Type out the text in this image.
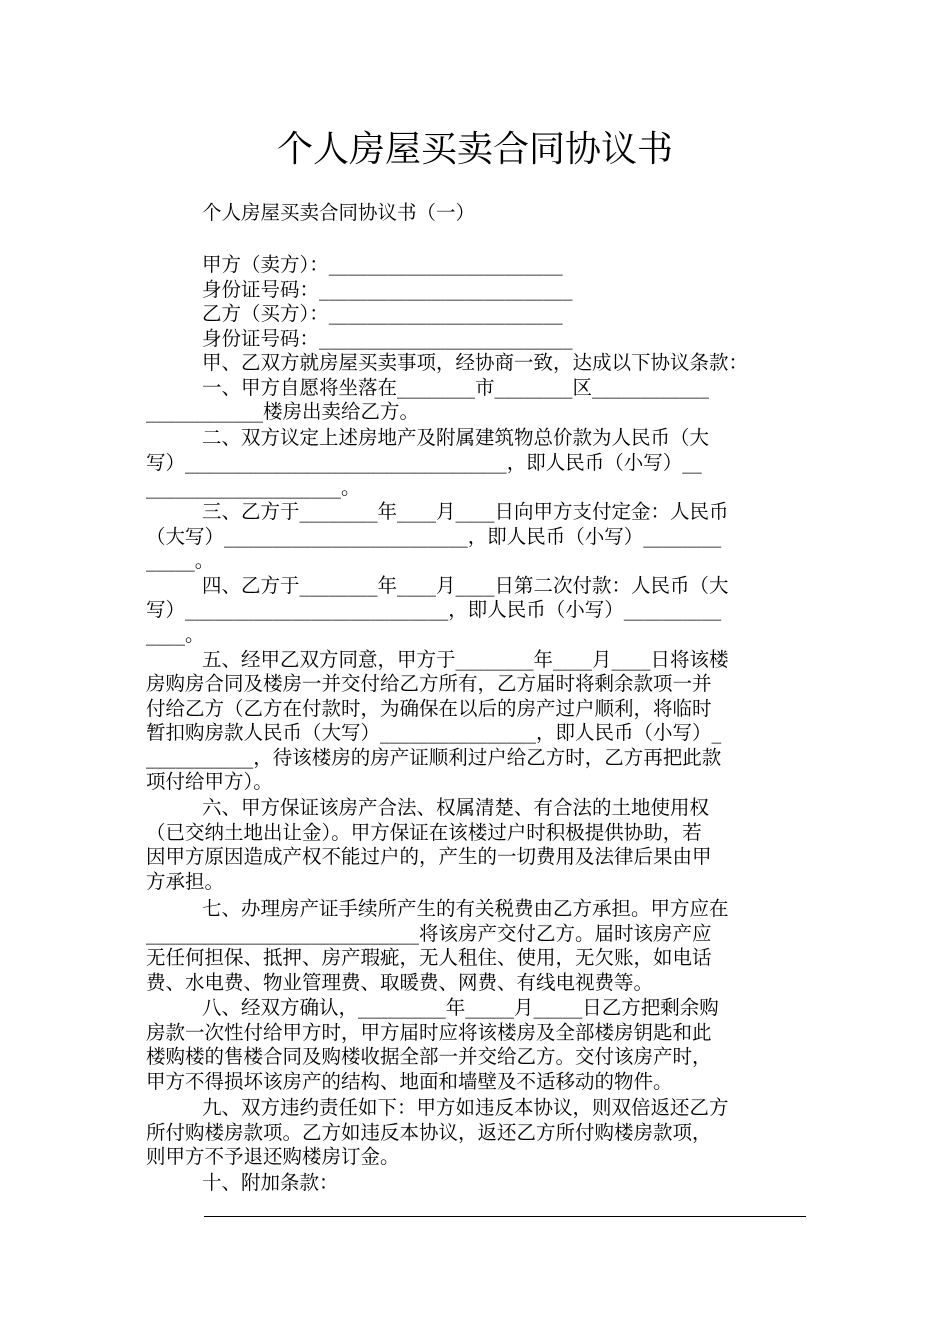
个人房屋买卖合同协议书
个人房屋买卖合同协议书（一）
甲方（卖方）：________________________
身份证号码：__________________________
乙方（买方）：________________________
身份证号码：__________________________
甲、乙双方就房屋买卖事项，经协商一致，达成以下协议条款：
一、甲方自愿将坐落在________市________区____________
____________楼房出卖给乙方。
二、双方议定上述房地产及附属建筑物总价款为人民币（大
写）_________________________________，即人民币（小写）__
____________________。
三、乙方于________年____月____日向甲方支付定金：人民币
（大写）_________________________，即人民币（小写）________
_____。
四、乙方于________年____月____日第二次付款：人民币（大
写）___________________________，即人民币（小写）__________
____。
五、经甲乙双方同意，甲方于________年____月____日将该楼
房购房合同及楼房一并交付给乙方所有，乙方届时将剩余款项一并
付给乙方（乙方在付款时，为确保在以后的房产过户顺利，将临时
暂扣购房款人民币（大写）________________，即人民币（小写）_
___________，待该楼房的房产证顺利过户给乙方时，乙方再把此款
项付给甲方）。
六、甲方保证该房产合法、权属清楚、有合法的土地使用权
（已交纳土地出让金）。甲方保证在该楼过户时积极提供协助，若
因甲方原因造成产权不能过户的，产生的一切费用及法律后果由甲
方承担。
七、办理房产证手续所产生的有关税费由乙方承担。甲方应在
____________________________将该房产交付乙方。届时该房产应
无任何担保、抵押、房产瑕疵，无人租住、使用，无欠账，如电话
费、水电费、物业管理费、取暖费、网费、有线电视费等。
八、经双方确认，_________年_____月_____日乙方把剩余购
房款一次性付给甲方时，甲方届时应将该楼房及全部楼房钥匙和此
楼购楼的售楼合同及购楼收据全部一并交给乙方。交付该房产时，
甲方不得损坏该房产的结构、地面和墙壁及不适移动的物件。
九、双方违约责任如下：甲方如违反本协议，则双倍返还乙方
所付购楼房款项。乙方如违反本协议，返还乙方所付购楼房款项，
则甲方不予退还购楼房订金。
十、附加条款：
